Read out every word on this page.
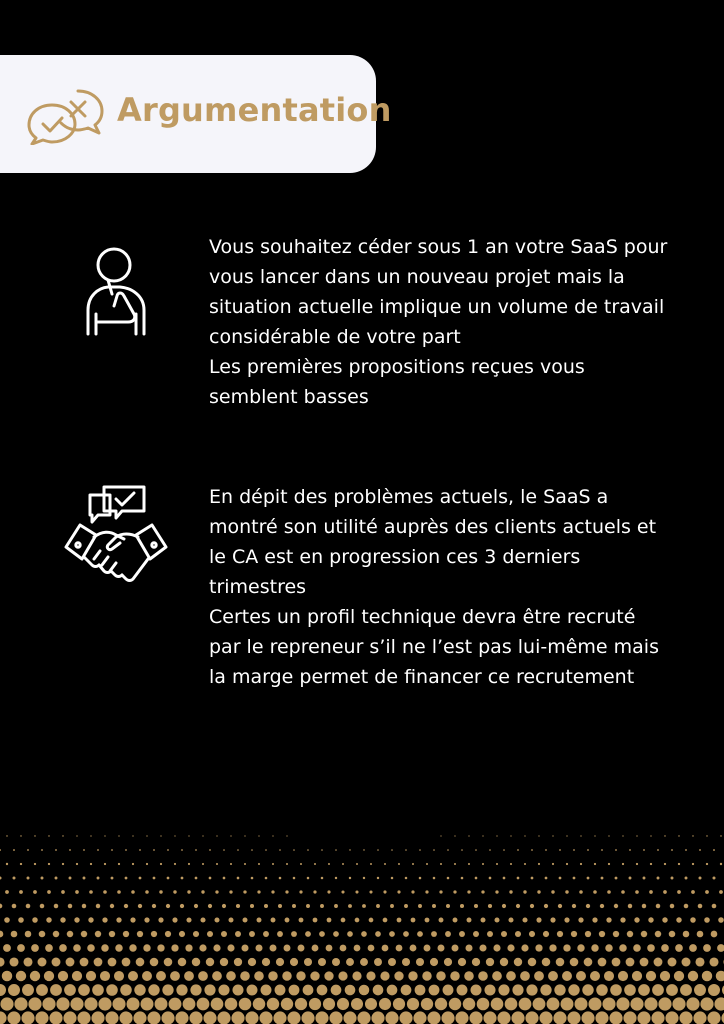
Argumentation

Vous souhaitez céder sous 1 an votre SaaS pour vous lancer dans un nouveau projet mais la situation actuelle implique un volume de travail considérable de votre part

Les premières propositions reçues vous semblent basses

En dépit des problèmes actuels, le SaaS a montré son utilité auprès des clients actuels et le CA est en progression ces 3 derniers trimestres

Certes un profil technique devra être recruté par le repreneur s’il ne l’est pas lui-même mais la marge permet de financer ce recrutement
